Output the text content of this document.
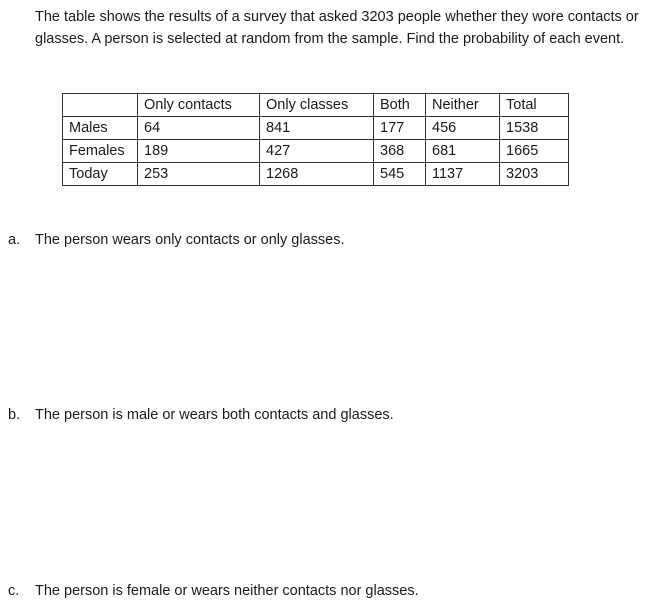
The table shows the results of a survey that asked 3203 people whether they wore contacts or glasses. A person is selected at random from the sample. Find the probability of each event.

	Only contacts	Only classes	Both	Neither	Total
Males	64	841	177	456	1538
Females	189	427	368	681	1665
Today	253	1268	545	1137	3203

a. The person wears only contacts or only glasses.

b. The person is male or wears both contacts and glasses.

c. The person is female or wears neither contacts nor glasses.
